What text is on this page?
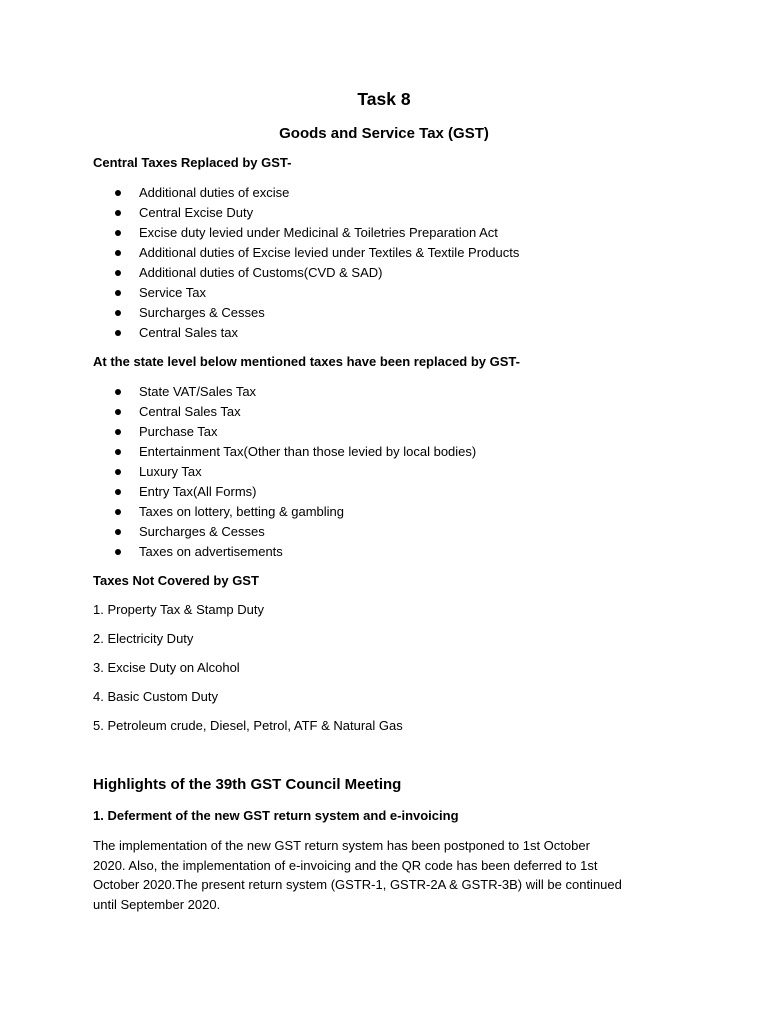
Task 8
Goods and Service Tax (GST)
Central Taxes Replaced by GST-
Additional duties of excise
Central Excise Duty
Excise duty levied under Medicinal & Toiletries Preparation Act
Additional duties of Excise levied under Textiles & Textile Products
Additional duties of Customs(CVD & SAD)
Service Tax
Surcharges & Cesses
Central Sales tax
At the state level below mentioned taxes have been replaced by GST-
State VAT/Sales Tax
Central Sales Tax
Purchase Tax
Entertainment Tax(Other than those levied by local bodies)
Luxury Tax
Entry Tax(All Forms)
Taxes on lottery, betting & gambling
Surcharges & Cesses
Taxes on advertisements
Taxes Not Covered by GST
1. Property Tax & Stamp Duty
2. Electricity Duty
3. Excise Duty on Alcohol
4. Basic Custom Duty
5. Petroleum crude, Diesel, Petrol, ATF & Natural Gas
Highlights of the 39th GST Council Meeting
1. Deferment of the new GST return system and e-invoicing
The implementation of the new GST return system has been postponed to 1st October
2020. Also, the implementation of e-invoicing and the QR code has been deferred to 1st
October 2020.The present return system (GSTR-1, GSTR-2A & GSTR-3B) will be continued
until September 2020.
